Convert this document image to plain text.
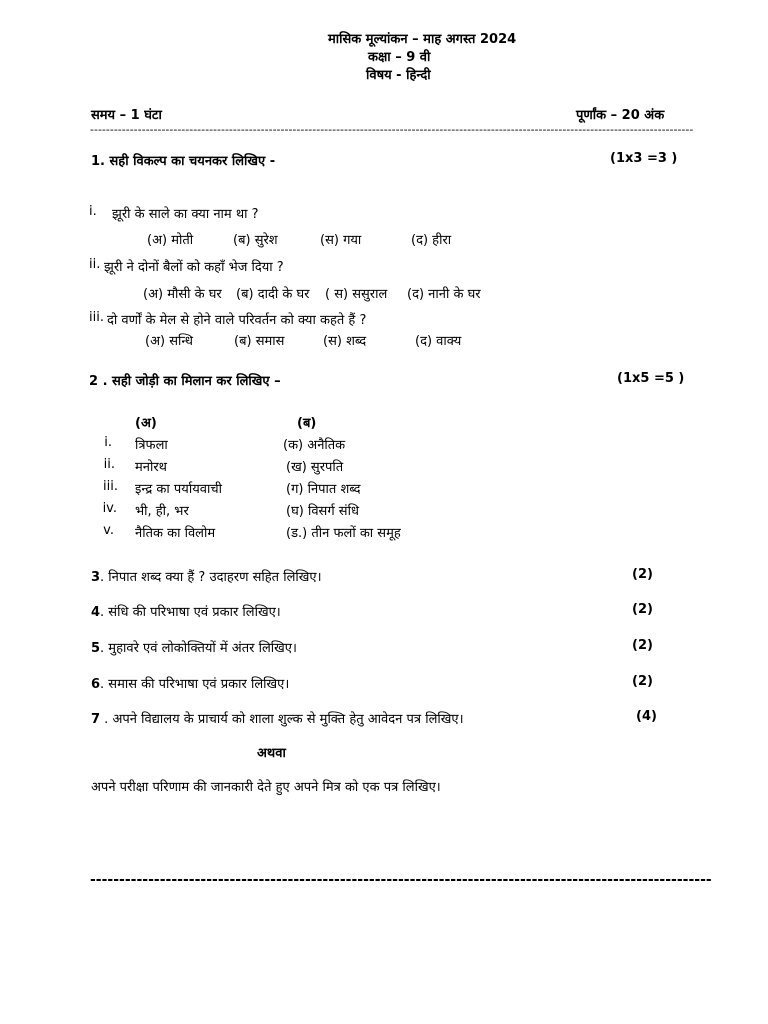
मासिक मूल्यांकन – माह अगस्त 2024
कक्षा – 9 वी
विषय - हिन्दी
समय – 1 घंटा	पूर्णांक – 20 अंक
--------------------------------------------------------------------------------------------------------------------------------------------------------
1. सही विकल्प का चयनकर लिखिए -	(1x3 =3 )
i. झूरी के साले का क्या नाम था ?
(अ) मोती	(ब) सुरेश	(स) गया	(द) हीरा
ii. झूरी ने दोनों बैलों को कहाँ भेज दिया ?
(अ) मौसी के घर (ब) दादी के घर ( स) ससुराल (द) नानी के घर
iii. दो वर्णों के मेल से होने वाले परिवर्तन को क्या कहते हैं ?
(अ) सन्धि	(ब) समास	(स) शब्द	(द) वाक्य
2 . सही जोड़ी का मिलान कर लिखिए –	(1x5 =5 )
(अ)	(ब)
i. त्रिफला	(क) अनैतिक
ii. मनोरथ	(ख) सुरपति
iii. इन्द्र का पर्यायवाची	(ग) निपात शब्द
iv. भी, ही, भर	(घ) विसर्ग संधि
v. नैतिक का विलोम	(ड.) तीन फलों का समूह
3. निपात शब्द क्या हैं ? उदाहरण सहित लिखिए।	(2)
4. संधि की परिभाषा एवं प्रकार लिखिए।	(2)
5. मुहावरे एवं लोकोक्तियों में अंतर लिखिए।	(2)
6. समास की परिभाषा एवं प्रकार लिखिए।	(2)
7 . अपने विद्यालय के प्राचार्य को शाला शुल्क से मुक्ति हेतु आवेदन पत्र लिखिए।	(4)
अथवा
अपने परीक्षा परिणाम की जानकारी देते हुए अपने मित्र को एक पत्र लिखिए।
-----------------------------------------------------------------------------------------------------------
